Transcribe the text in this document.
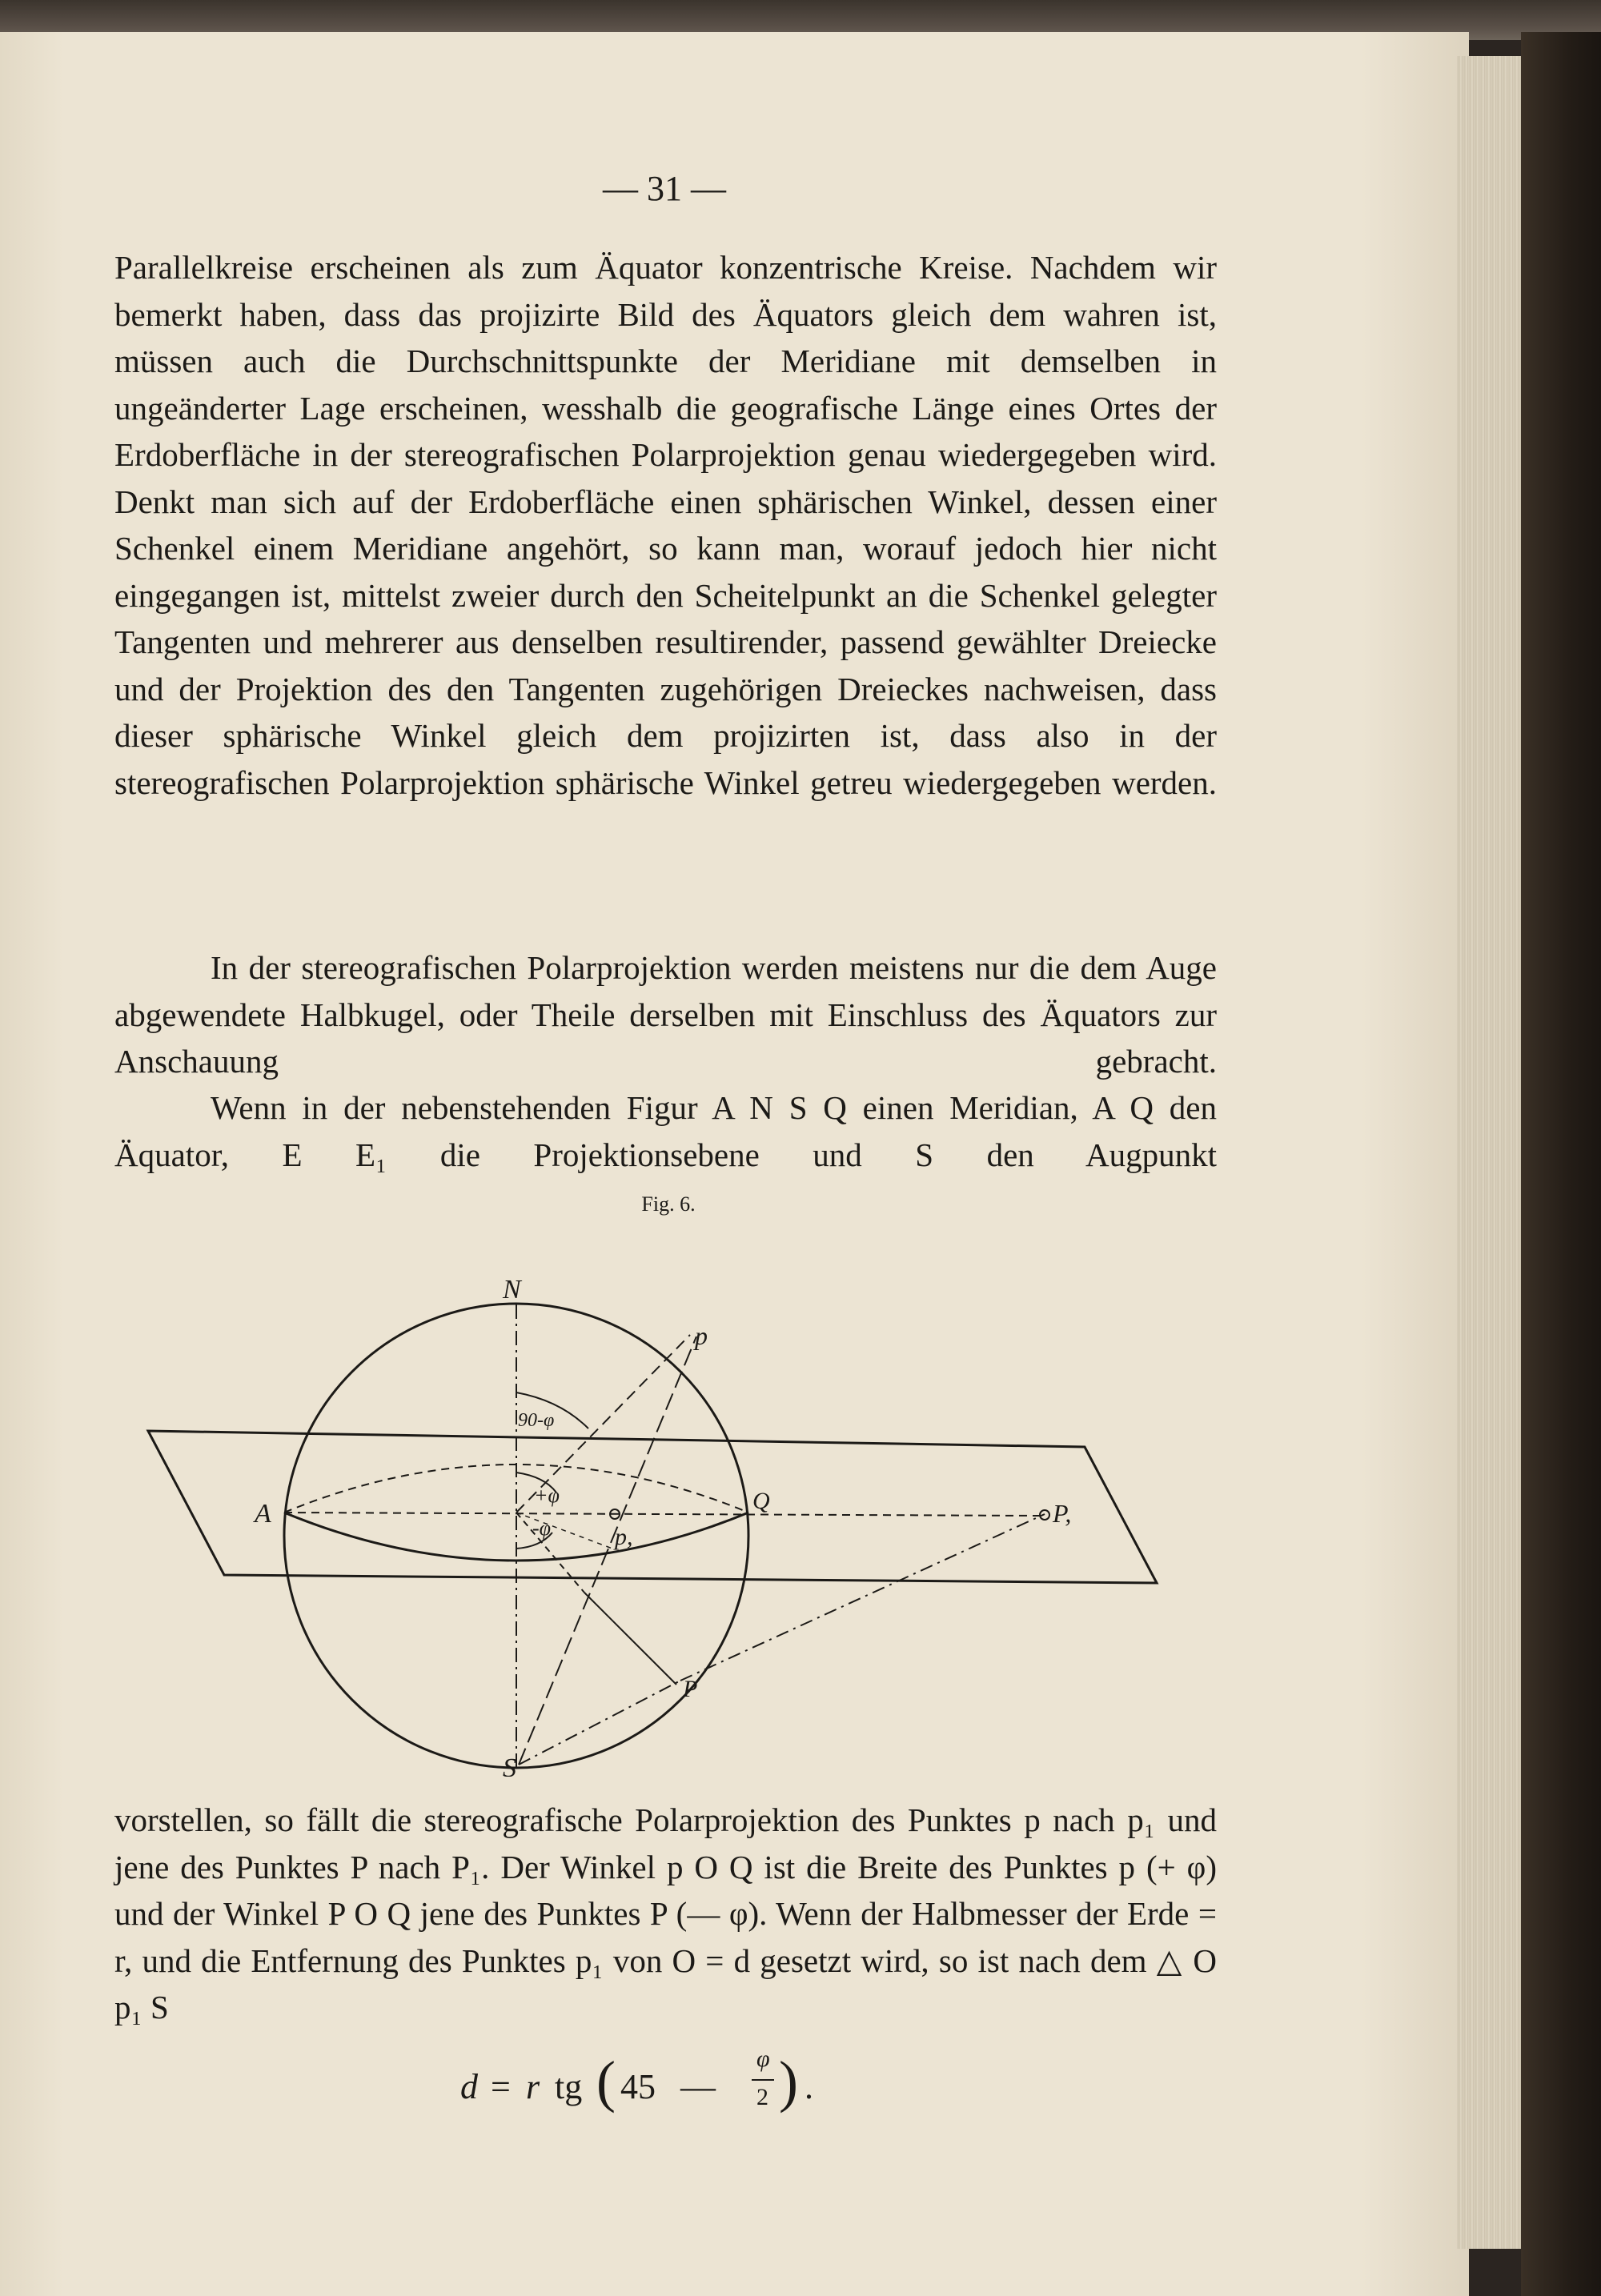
— 31 —

Parallelkreise erscheinen als zum Äquator konzentrische Kreise. Nachdem wir bemerkt haben, dass das projizirte Bild des Äquators gleich dem wahren ist, müssen auch die Durchschnittspunkte der Meridiane mit demselben in ungeänderter Lage erscheinen, wesshalb die geografische Länge eines Ortes der Erdoberfläche in der stereografischen Polarprojektion genau wiedergegeben wird. Denkt man sich auf der Erdoberfläche einen sphärischen Winkel, dessen einer Schenkel einem Meridiane angehört, so kann man, worauf jedoch hier nicht eingegangen ist, mittelst zweier durch den Scheitelpunkt an die Schenkel gelegter Tangenten und mehrerer aus denselben resultirender, passend gewählter Dreiecke und der Projektion des den Tangenten zugehörigen Dreieckes nachweisen, dass dieser sphärische Winkel gleich dem projizirten ist, dass also in der stereografischen Polarprojektion sphärische Winkel getreu wiedergegeben werden.

In der stereografischen Polarprojektion werden meistens nur die dem Auge abgewendete Halbkugel, oder Theile derselben mit Einschluss des Äquators zur Anschauung gebracht.

Wenn in der nebenstehenden Figur A N S Q einen Meridian, A Q den Äquator, E E₁ die Projektionsebene und S den Augpunkt

Fig. 6.
N
S
A	Q
p
P
p,
P,
90-φ
+φ
-φ

vorstellen, so fällt die stereografische Polarprojektion des Punktes p nach p₁ und jene des Punktes P nach P₁. Der Winkel p O Q ist die Breite des Punktes p (+ φ) und der Winkel P O Q jene des Punktes P (— φ). Wenn der Halbmesser der Erde = r, und die Entfernung des Punktes p₁ von O = d gesetzt wird, so ist nach dem △ O p₁ S

d = r tg ( 45 —
φ
2 ) .
